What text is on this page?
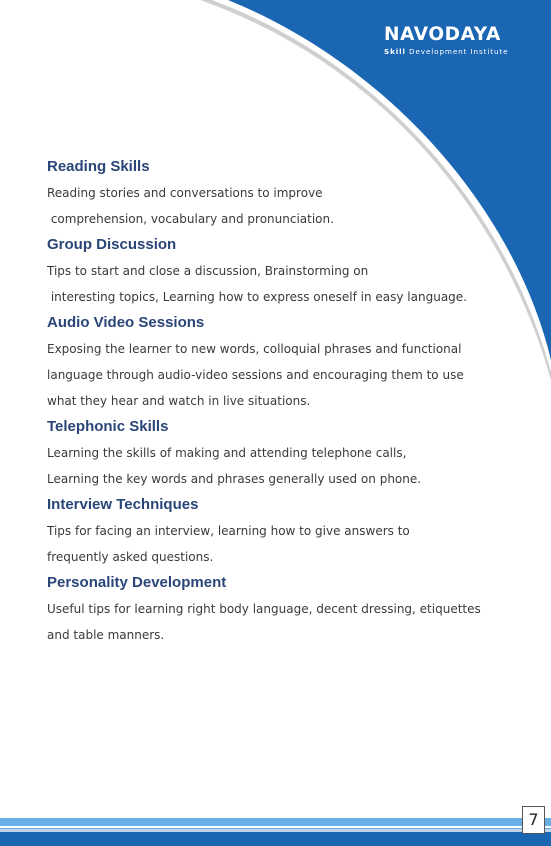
NAVODAYA
Skill Development Institute
Reading Skills
Reading stories and conversations to improve
comprehension, vocabulary and pronunciation.
Group Discussion
Tips to start and close a discussion, Brainstorming on
interesting topics, Learning how to express oneself in easy language.
Audio Video Sessions
Exposing the learner to new words, colloquial phrases and functional
language through audio-video sessions and encouraging them to use
what they hear and watch in live situations.
Telephonic Skills
Learning the skills of making and attending telephone calls,
Learning the key words and phrases generally used on phone.
Interview Techniques
Tips for facing an interview, learning how to give answers to
frequently asked questions.
Personality Development
Useful tips for learning right body language, decent dressing, etiquettes
and table manners.
7
